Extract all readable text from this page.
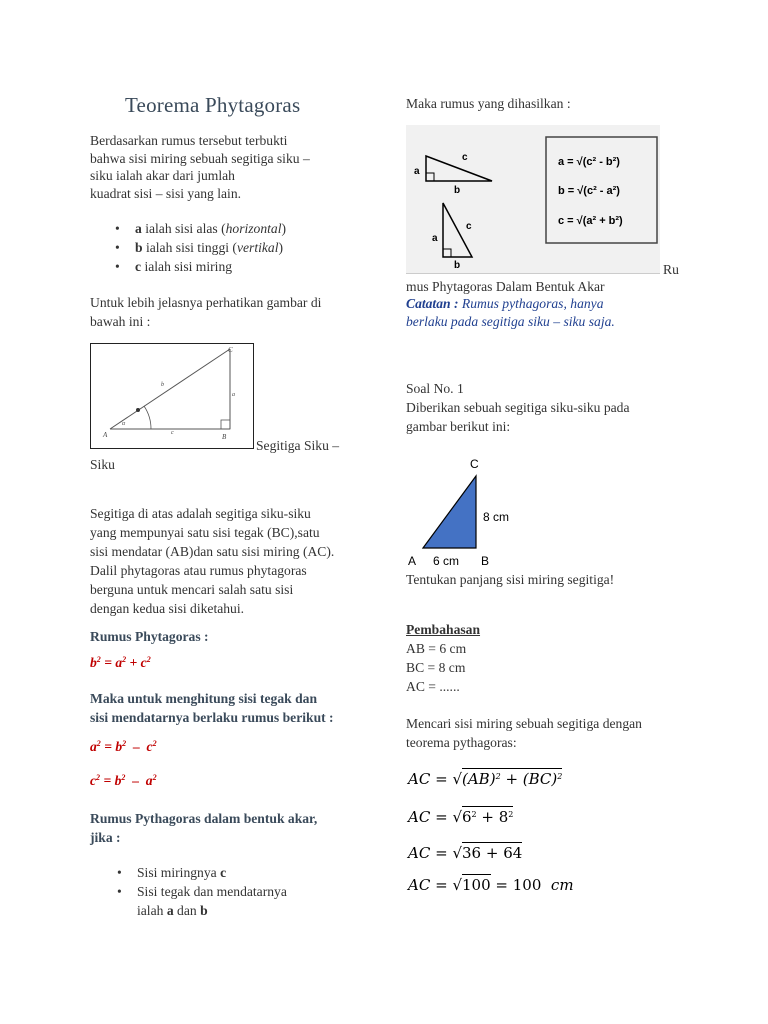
Teorema Phytagoras
Berdasarkan rumus tersebut terbukti
bahwa sisi miring sebuah segitiga siku –
siku ialah akar dari jumlah
kuadrat sisi – sisi yang lain.
• a ialah sisi alas (horizontal)
• b ialah sisi tinggi (vertikal)
• c ialah sisi miring
Untuk lebih jelasnya perhatikan gambar di
bawah ini :
A	B
C
b
a
c
α
Segitiga Siku –
Siku
Segitiga di atas adalah segitiga siku-siku
yang mempunyai satu sisi tegak (BC),satu
sisi mendatar (AB)dan satu sisi miring (AC).
Dalil phytagoras atau rumus phytagoras
berguna untuk mencari salah satu sisi
dengan kedua sisi diketahui.
Rumus Phytagoras :
$b^2 = a^2 + c^2$
Maka untuk menghitung sisi tegak dan
sisi mendatarnya berlaku rumus berikut :
$a^2 = b^2 - c^2$
$c^2 = b^2 - a^2$
Rumus Pythagoras dalam bentuk akar,
jika :
• Sisi miringnya c
• Sisi tegak dan mendatarnya
ialah a dan b
Maka rumus yang dihasilkan :
a
c
b
a
c
b
a = √(c² - b²)
b = √(c² - a²)
c = √(a² + b²)
Ru
mus Phytagoras Dalam Bentuk Akar
Catatan : Rumus pythagoras, hanya
berlaku pada segitiga siku – siku saja.
Soal No. 1
Diberikan sebuah segitiga siku-siku pada
gambar berikut ini:
C
A	B
8 cm
6 cm
Tentukan panjang sisi miring segitiga!
Pembahasan
AB = 6 cm
BC = 8 cm
AC = ......
Mencari sisi miring sebuah segitiga dengan
teorema pythagoras:
AC = √(AB)$^2$ + (BC)$^2$
AC = $√6^2 + 8^2$
AC = √36 + 64
AC = √100 = 100  cm
